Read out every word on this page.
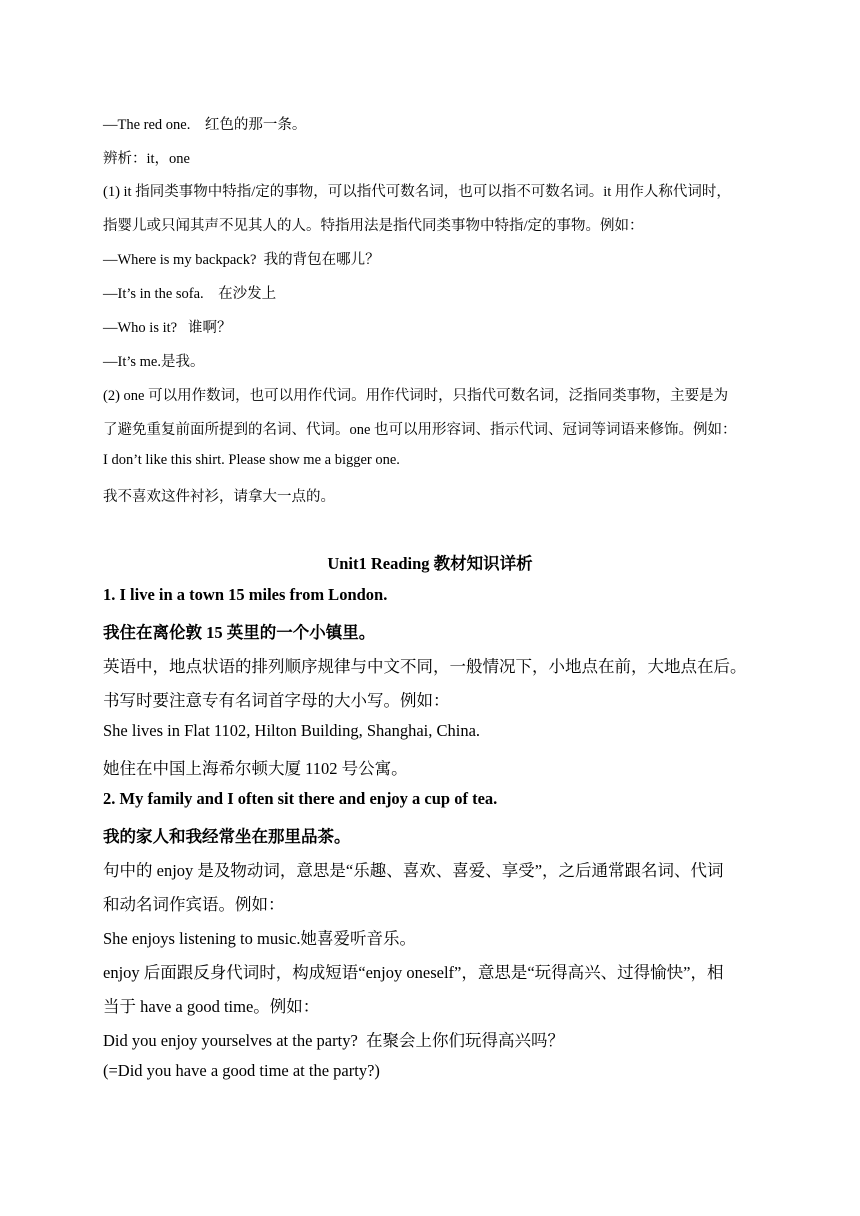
—The red one.    红色的那一条。
辨析：it，one
(1) it 指同类事物中特指/定的事物，可以指代可数名词，也可以指不可数名词。it 用作人称代词时，
指婴儿或只闻其声不见其人的人。特指用法是指代同类事物中特指/定的事物。例如：
—Where is my backpack?  我的背包在哪儿？
—It’s in the sofa.    在沙发上
—Who is it?   谁啊？
—It’s me.是我。
(2) one 可以用作数词，也可以用作代词。用作代词时，只指代可数名词，泛指同类事物，主要是为
了避免重复前面所提到的名词、代词。one 也可以用形容词、指示代词、冠词等词语来修饰。例如：
I don’t like this shirt. Please show me a bigger one.
我不喜欢这件衬衫，请拿大一点的。
Unit1 Reading 教材知识详析
1. I live in a town 15 miles from London.
我住在离伦敦 15 英里的一个小镇里。
英语中，地点状语的排列顺序规律与中文不同，一般情况下，小地点在前，大地点在后。
书写时要注意专有名词首字母的大小写。例如：
She lives in Flat 1102, Hilton Building, Shanghai, China.
她住在中国上海希尔顿大厦 1102 号公寓。
2. My family and I often sit there and enjoy a cup of tea.
我的家人和我经常坐在那里品茶。
句中的 enjoy 是及物动词，意思是“乐趣、喜欢、喜爱、享受”，之后通常跟名词、代词
和动名词作宾语。例如：
She enjoys listening to music.她喜爱听音乐。
enjoy 后面跟反身代词时，构成短语“enjoy oneself”，意思是“玩得高兴、过得愉快”，相
当于 have a good time。例如：
Did you enjoy yourselves at the party?  在聚会上你们玩得高兴吗？
(=Did you have a good time at the party?)
